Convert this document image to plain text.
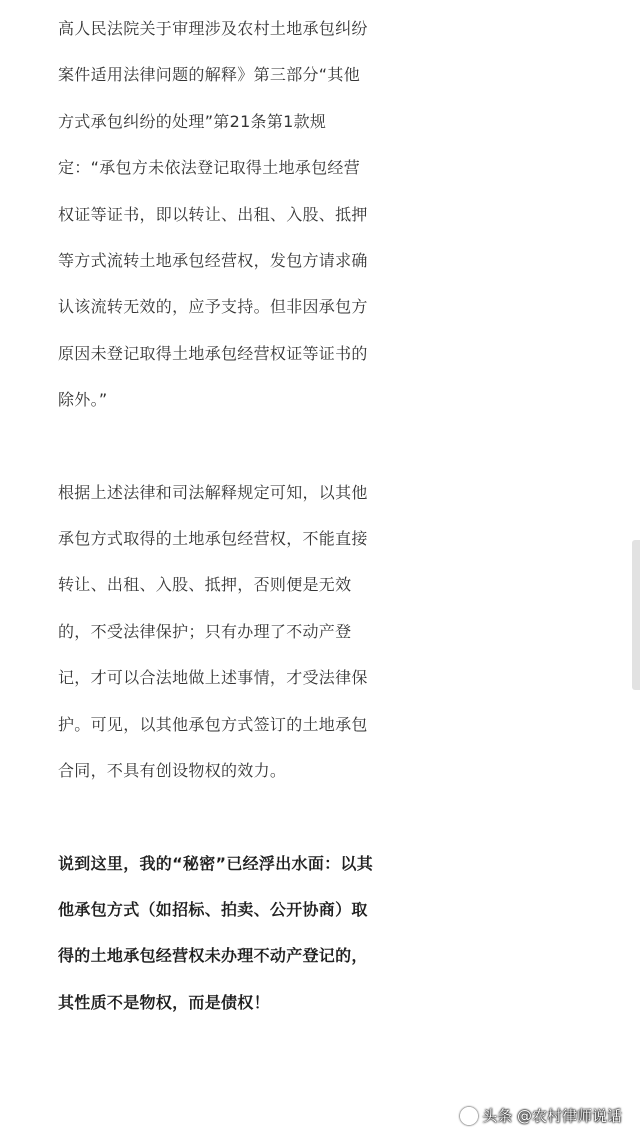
高人民法院关于审理涉及农村土地承包纠纷
案件适用法律问题的解释》第三部分“其他
方式承包纠纷的处理”第21条第1款规
定：“承包方未依法登记取得土地承包经营
权证等证书，即以转让、出租、入股、抵押
等方式流转土地承包经营权，发包方请求确
认该流转无效的，应予支持。但非因承包方
原因未登记取得土地承包经营权证等证书的
除外。”
根据上述法律和司法解释规定可知，以其他
承包方式取得的土地承包经营权，不能直接
转让、出租、入股、抵押，否则便是无效
的，不受法律保护；只有办理了不动产登
记，才可以合法地做上述事情，才受法律保
护。可见，以其他承包方式签订的土地承包
合同，不具有创设物权的效力。
说到这里，我的“秘密”已经浮出水面：以其
他承包方式（如招标、拍卖、公开协商）取
得的土地承包经营权未办理不动产登记的，
其性质不是物权，而是债权！
头条 @农村律师说话
